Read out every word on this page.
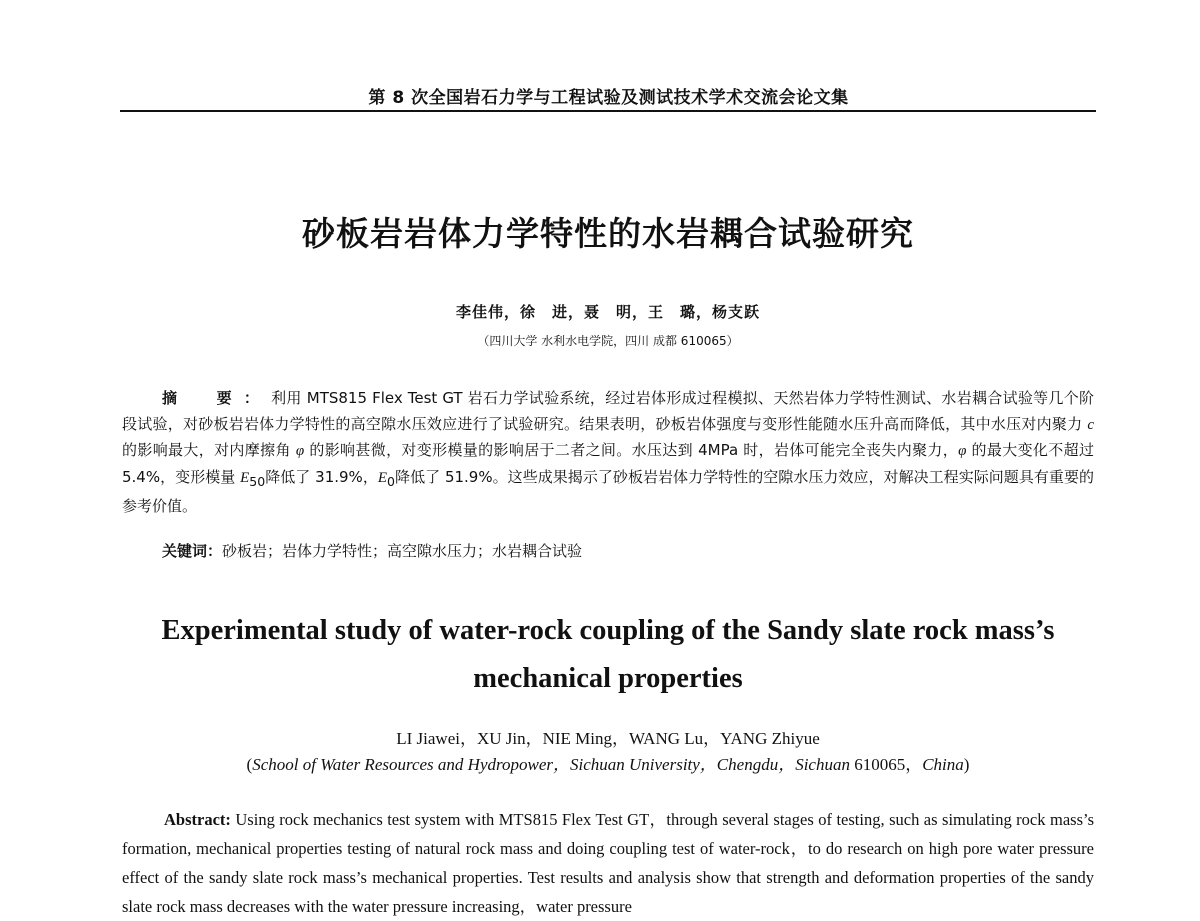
第 8 次全国岩石力学与工程试验及测试技术学术交流会论文集
砂板岩岩体力学特性的水岩耦合试验研究
李佳伟，徐　进，聂　明，王　璐，杨支跃
（四川大学 水利水电学院，四川 成都 610065）
摘　要：利用 MTS815 Flex Test GT 岩石力学试验系统，经过岩体形成过程模拟、天然岩体力学特性测试、水岩耦合试验等几个阶段试验，对砂板岩岩体力学特性的高空隙水压效应进行了试验研究。结果表明，砂板岩体强度与变形性能随水压升高而降低，其中水压对内聚力 c 的影响最大，对内摩擦角 φ 的影响甚微，对变形模量的影响居于二者之间。水压达到 4MPa 时，岩体可能完全丧失内聚力，φ 的最大变化不超过 5.4%，变形模量 $E_{50}$降低了 31.9%，$E_0$降低了 51.9%。这些成果揭示了砂板岩岩体力学特性的空隙水压力效应，对解决工程实际问题具有重要的参考价值。
关键词：砂板岩；岩体力学特性；高空隙水压力；水岩耦合试验
Experimental study of water-rock coupling of the Sandy slate rock mass’s
mechanical properties
LI Jiawei，XU Jin，NIE Ming，WANG Lu，YANG Zhiyue
(School of Water Resources and Hydropower，Sichuan University，Chengdu，Sichuan 610065，China)
Abstract: Using rock mechanics test system with MTS815 Flex Test GT，through several stages of testing, such as simulating rock mass’s formation, mechanical properties testing of natural rock mass and doing coupling test of water-rock，to do research on high pore water pressure effect of the sandy slate rock mass’s mechanical properties. Test results and analysis show that strength and deformation properties of the sandy slate rock mass decreases with the water pressure increasing，water pressure
